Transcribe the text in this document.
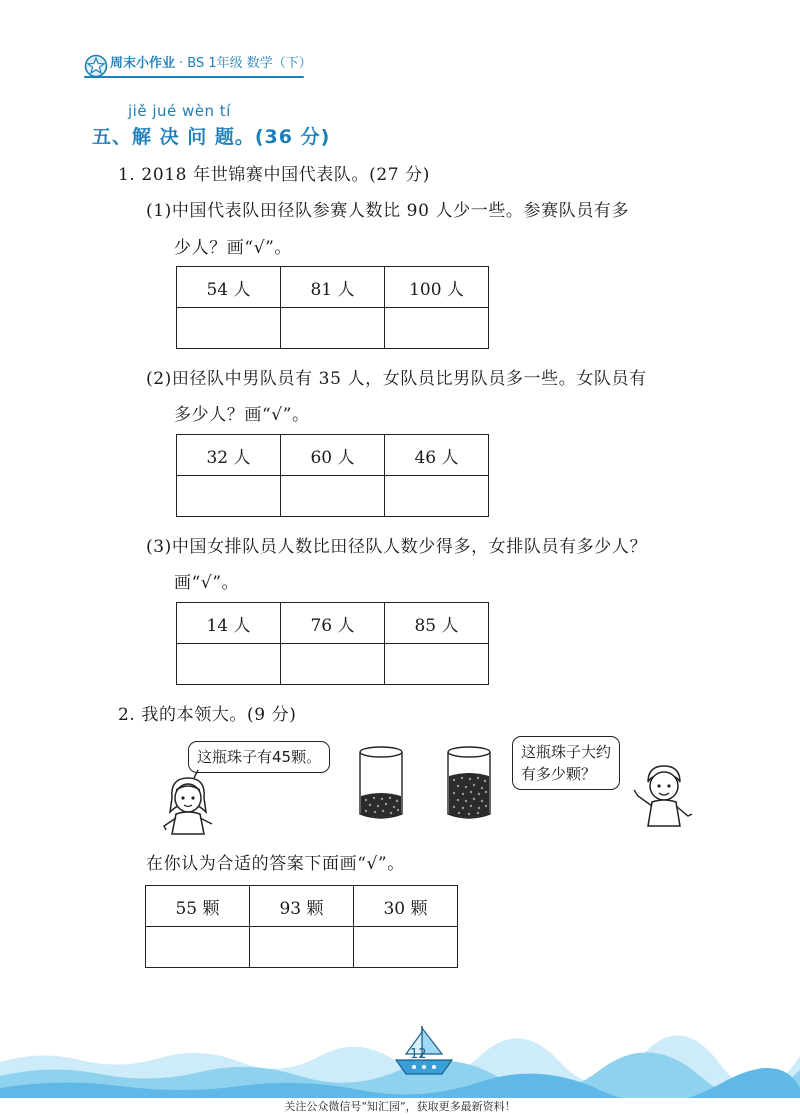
周末小作业 · BS 1年级 数学（下）
jiě jué wèn tí
五、解 决 问 题。(36 分)
1. 2018 年世锦赛中国代表队。(27 分)
(1)中国代表队田径队参赛人数比 90 人少一些。参赛队员有多
少人？画“√”。
54 人	81 人	100 人

(2)田径队中男队员有 35 人，女队员比男队员多一些。女队员有
多少人？画“√”。
32 人	60 人	46 人

(3)中国女排队员人数比田径队人数少得多，女排队员有多少人？
画“√”。
14 人	76 人	85 人

2. 我的本领大。(9 分)
这瓶珠子有45颗。	这瓶珠子大约
有多少颗？
在你认为合适的答案下面画“√”。
55 颗	93 颗	30 颗

12
关注公众微信号“知汇园”，获取更多最新资料！
